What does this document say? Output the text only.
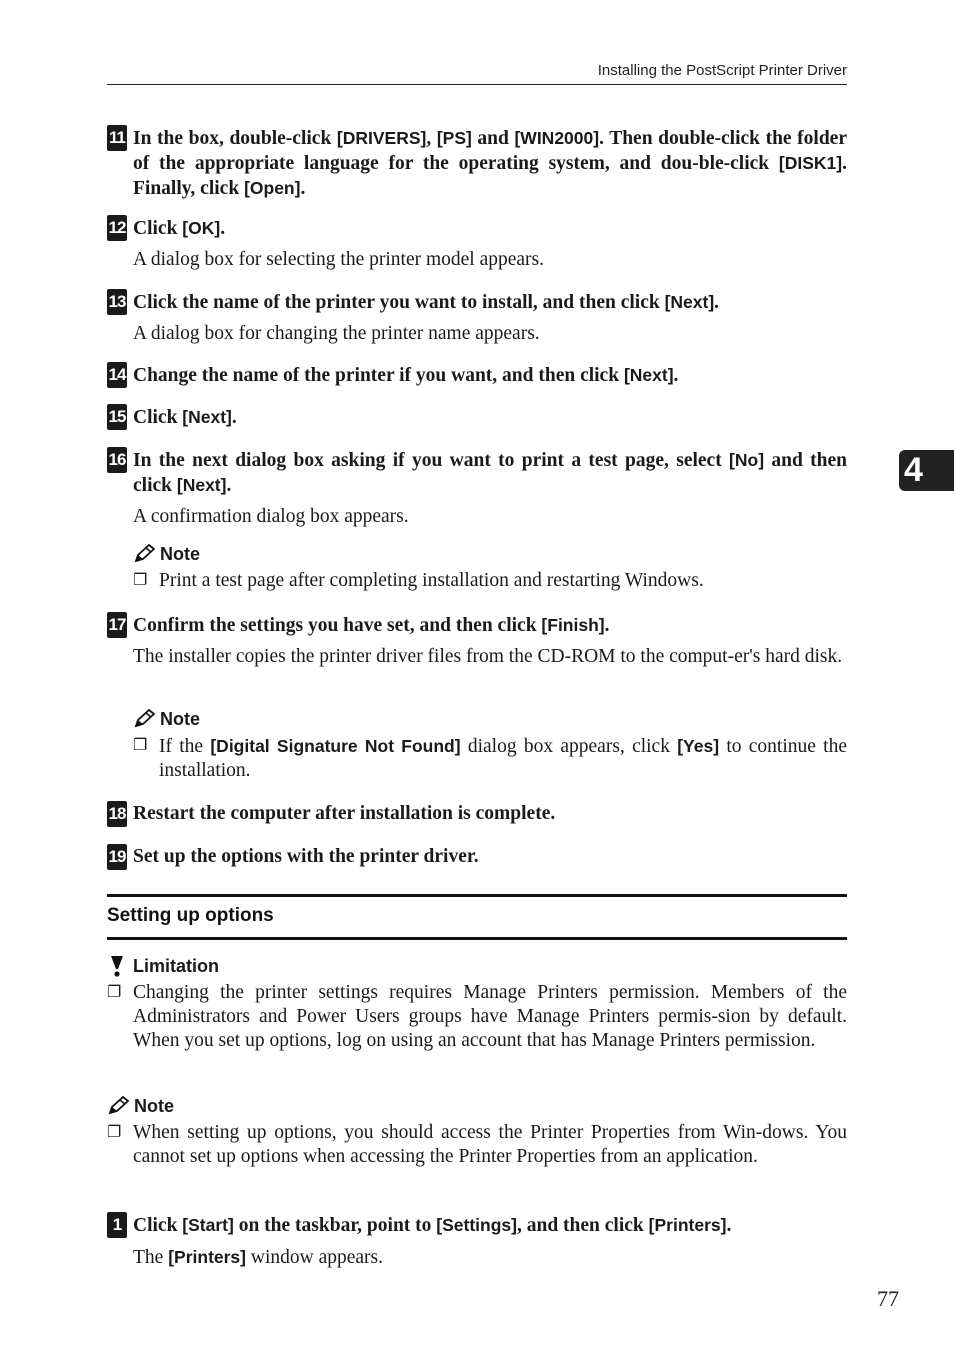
Installing the PostScript Printer Driver
4
11 In the box, double-click [DRIVERS], [PS] and [WIN2000]. Then double-click the folder of the appropriate language for the operating system, and dou-ble-click [DISK1]. Finally, click [Open].
12 Click [OK].
A dialog box for selecting the printer model appears.
13 Click the name of the printer you want to install, and then click [Next].
A dialog box for changing the printer name appears.
14 Change the name of the printer if you want, and then click [Next].
15 Click [Next].
16 In the next dialog box asking if you want to print a test page, select [No] and then click [Next].
A confirmation dialog box appears.
Note
❐ Print a test page after completing installation and restarting Windows.
17 Confirm the settings you have set, and then click [Finish].
The installer copies the printer driver files from the CD-ROM to the comput-er's hard disk.
Note
❐ If the [Digital Signature Not Found] dialog box appears, click [Yes] to continue the installation.
18 Restart the computer after installation is complete.
19 Set up the options with the printer driver.
Setting up options
Limitation
❐ Changing the printer settings requires Manage Printers permission. Members of the Administrators and Power Users groups have Manage Printers permis-sion by default. When you set up options, log on using an account that has Manage Printers permission.
Note
❐ When setting up options, you should access the Printer Properties from Win-dows. You cannot set up options when accessing the Printer Properties from an application.
1 Click [Start] on the taskbar, point to [Settings], and then click [Printers].
The [Printers] window appears.
77
